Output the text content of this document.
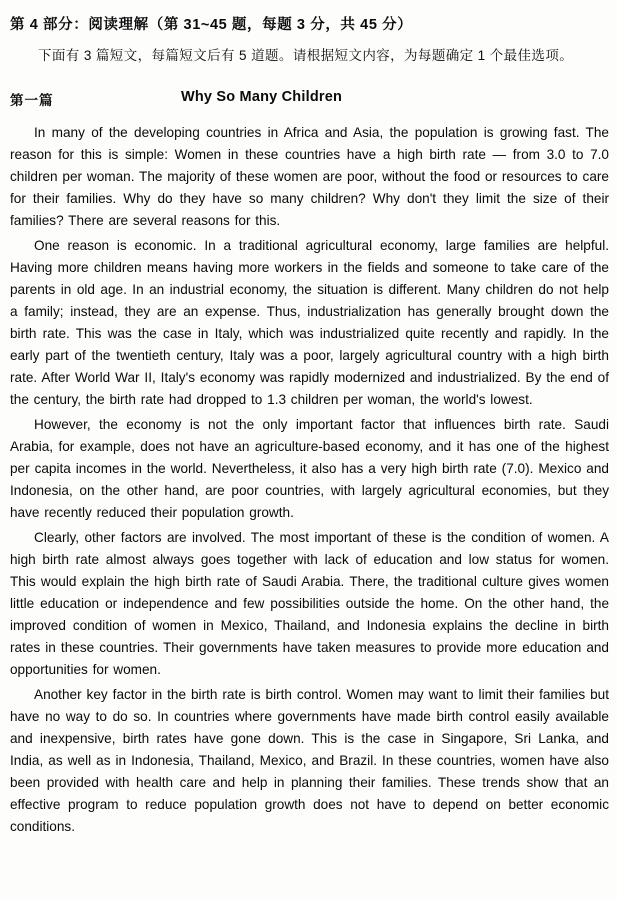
第 4 部分：阅读理解（第 31~45 题，每题 3 分，共 45 分）
下面有 3 篇短文，每篇短文后有 5 道题。请根据短文内容，为每题确定 1 个最佳选项。
第一篇	Why So Many Children

In many of the developing countries in Africa and Asia, the population is growing fast. The reason for this is simple: Women in these countries have a high birth rate — from 3.0 to 7.0 children per woman. The majority of these women are poor, without the food or resources to care for their families. Why do they have so many children? Why don't they limit the size of their families? There are several reasons for this.

One reason is economic. In a traditional agricultural economy, large families are helpful. Having more children means having more workers in the fields and someone to take care of the parents in old age. In an industrial economy, the situation is different. Many children do not help a family; instead, they are an expense. Thus, industrialization has generally brought down the birth rate. This was the case in Italy, which was industrialized quite recently and rapidly. In the early part of the twentieth century, Italy was a poor, largely agricultural country with a high birth rate. After World War II, Italy's economy was rapidly modernized and industrialized. By the end of the century, the birth rate had dropped to 1.3 children per woman, the world's lowest.

However, the economy is not the only important factor that influences birth rate. Saudi Arabia, for example, does not have an agriculture-based economy, and it has one of the highest per capita incomes in the world. Nevertheless, it also has a very high birth rate (7.0). Mexico and Indonesia, on the other hand, are poor countries, with largely agricultural economies, but they have recently reduced their population growth.

Clearly, other factors are involved. The most important of these is the condition of women. A high birth rate almost always goes together with lack of education and low status for women. This would explain the high birth rate of Saudi Arabia. There, the traditional culture gives women little education or independence and few possibilities outside the home. On the other hand, the improved condition of women in Mexico, Thailand, and Indonesia explains the decline in birth rates in these countries. Their governments have taken measures to provide more education and opportunities for women.

Another key factor in the birth rate is birth control. Women may want to limit their families but have no way to do so. In countries where governments have made birth control easily available and inexpensive, birth rates have gone down. This is the case in Singapore, Sri Lanka, and India, as well as in Indonesia, Thailand, Mexico, and Brazil. In these countries, women have also been provided with health care and help in planning their families. These trends show that an effective program to reduce population growth does not have to depend on better economic conditions.
